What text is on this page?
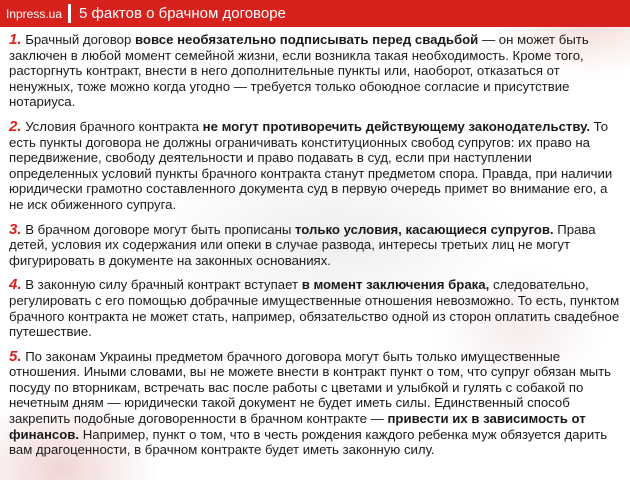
Inpress.ua 5 фактов о брачном договоре

1. Брачный договор вовсе необязательно подписывать перед свадьбой — он может быть заключен в любой момент семейной жизни, если возникла такая необходимость. Кроме того, расторгнуть контракт, внести в него дополнительные пункты или, наоборот, отказаться от ненужных, тоже можно когда угодно — требуется только обоюдное согласие и присутствие нотариуса.

2. Условия брачного контракта не могут противоречить действующему законодательству. То есть пункты договора не должны ограничивать конституционных свобод супругов: их право на передвижение, свободу деятельности и право подавать в суд, если при наступлении определенных условий пункты брачного контракта станут предметом спора. Правда, при наличии юридически грамотно составленного документа суд в первую очередь примет во внимание его, а не иск обиженного супруга.

3. В брачном договоре могут быть прописаны только условия, касающиеся супругов. Права детей, условия их содержания или опеки в случае развода, интересы третьих лиц не могут фигурировать в документе на законных основаниях.

4. В законную силу брачный контракт вступает в момент заключения брака, следовательно, регулировать с его помощью добрачные имущественные отношения невозможно. То есть, пунктом брачного контракта не может стать, например, обязательство одной из сторон оплатить свадебное путешествие.

5. По законам Украины предметом брачного договора могут быть только имущественные отношения. Иными словами, вы не можете внести в контракт пункт о том, что супруг обязан мыть посуду по вторникам, встречать вас после работы с цветами и улыбкой и гулять с собакой по нечетным дням — юридически такой документ не будет иметь силы. Единственный способ закрепить подобные договоренности в брачном контракте — привести их в зависимость от финансов. Например, пункт о том, что в честь рождения каждого ребенка муж обязуется дарить вам драгоценности, в брачном контракте будет иметь законную силу.
